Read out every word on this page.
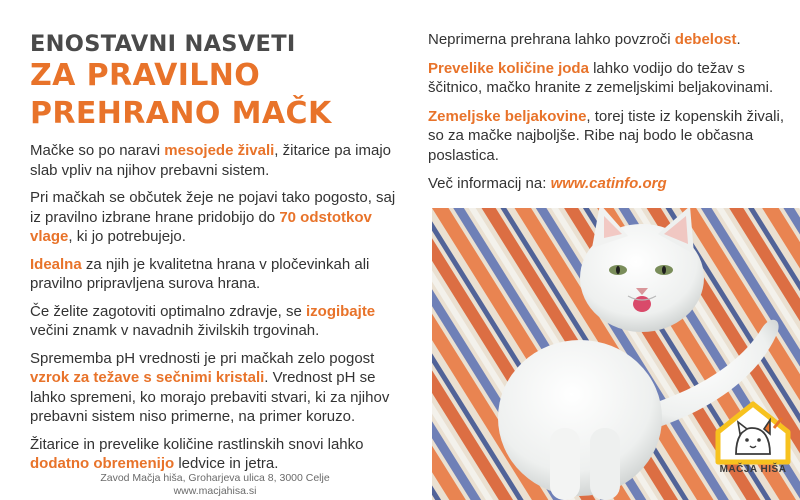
ENOSTAVNI NASVETI
ZA PRAVILNO
PREHRANO MAČK

Mačke so po naravi mesojede živali, žitarice pa imajo slab vpliv na njihov prebavni sistem.

Pri mačkah se občutek žeje ne pojavi tako pogosto, saj iz pravilno izbrane hrane pridobijo do 70 odstotkov vlage, ki jo potrebujejo.

Idealna za njih je kvalitetna hrana v pločevinkah ali pravilno pripravljena surova hrana.

Če želite zagotoviti optimalno zdravje, se izogibajte večini znamk v navadnih živilskih trgovinah.

Sprememba pH vrednosti je pri mačkah zelo pogost vzrok za težave s sečnimi kristali. Vrednost pH se lahko spremeni, ko morajo prebaviti stvari, ki za njihov prebavni sistem niso primerne, na primer koruzo.

Žitarice in prevelike količine rastlinskih snovi lahko dodatno obremenijo ledvice in jetra.

Zavod Mačja hiša, Groharjeva ulica 8, 3000 Celje
www.macjahisa.si

Neprimerna prehrana lahko povzroči debelost.

Prevelike količine joda lahko vodijo do težav s ščitnico, mačko hranite z zemeljskimi beljakovinami.

Zemeljske beljakovine, torej tiste iz kopenskih živali, so za mačke najboljše. Ribe naj bodo le občasna poslastica.

Več informacij na: www.catinfo.org

MAČJA HIŠA
